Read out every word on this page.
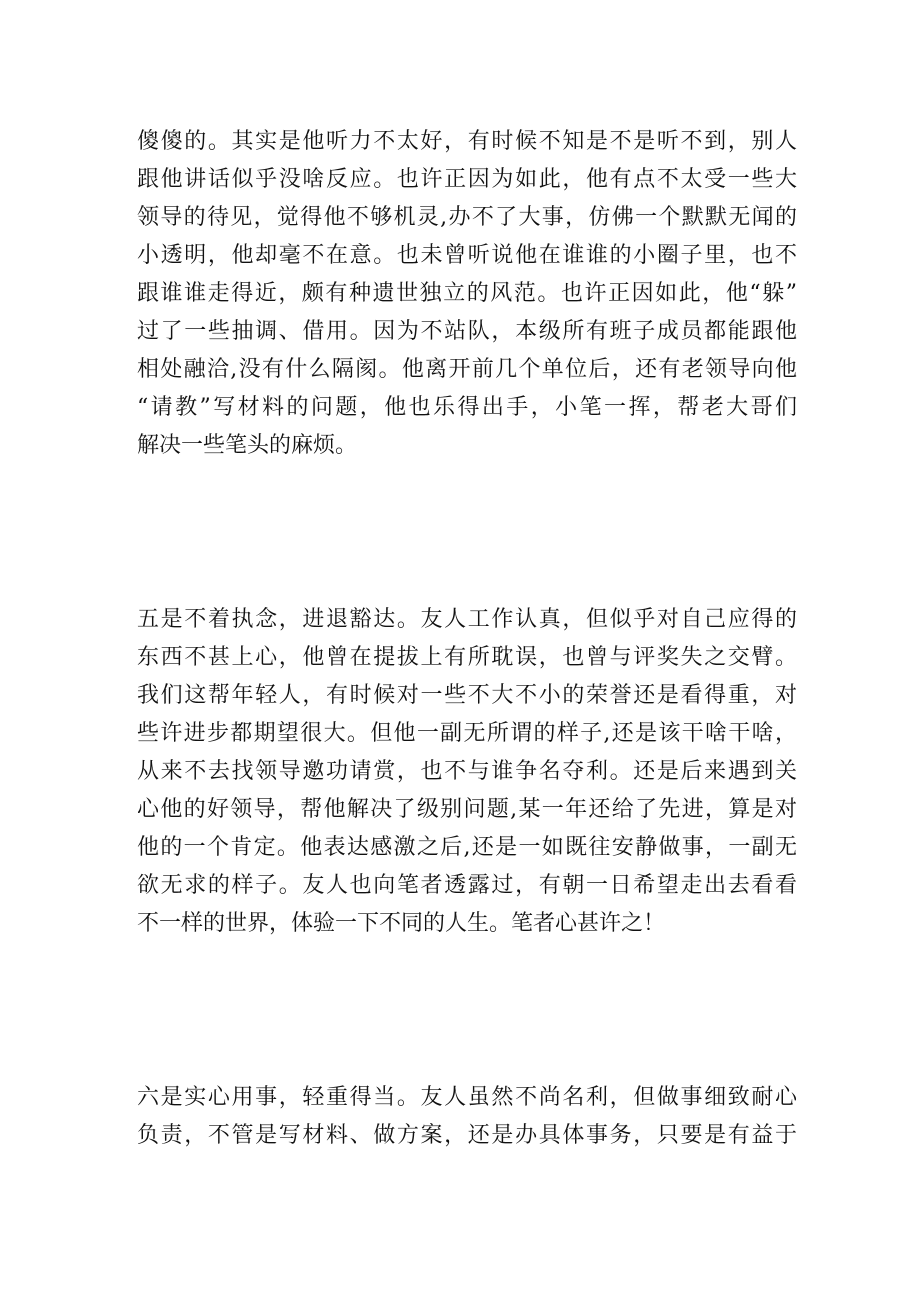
傻傻的。其实是他听力不太好，有时候不知是不是听不到，别人
跟他讲话似乎没啥反应。也许正因为如此，他有点不太受一些大
领导的待见，觉得他不够机灵,办不了大事，仿佛一个默默无闻的
小透明，他却毫不在意。也未曾听说他在谁谁的小圈子里，也不
跟谁谁走得近，颇有种遗世独立的风范。也许正因如此，他“躲”
过了一些抽调、借用。因为不站队，本级所有班子成员都能跟他
相处融洽,没有什么隔阂。他离开前几个单位后，还有老领导向他
“请教”写材料的问题，他也乐得出手，小笔一挥，帮老大哥们
解决一些笔头的麻烦。
五是不着执念，进退豁达。友人工作认真，但似乎对自己应得的
东西不甚上心，他曾在提拔上有所耽误，也曾与评奖失之交臂。
我们这帮年轻人，有时候对一些不大不小的荣誉还是看得重，对
些许进步都期望很大。但他一副无所谓的样子,还是该干啥干啥，
从来不去找领导邀功请赏，也不与谁争名夺利。还是后来遇到关
心他的好领导，帮他解决了级别问题,某一年还给了先进，算是对
他的一个肯定。他表达感激之后,还是一如既往安静做事，一副无
欲无求的样子。友人也向笔者透露过，有朝一日希望走出去看看
不一样的世界，体验一下不同的人生。笔者心甚许之！
六是实心用事，轻重得当。友人虽然不尚名利，但做事细致耐心
负责，不管是写材料、做方案，还是办具体事务，只要是有益于
